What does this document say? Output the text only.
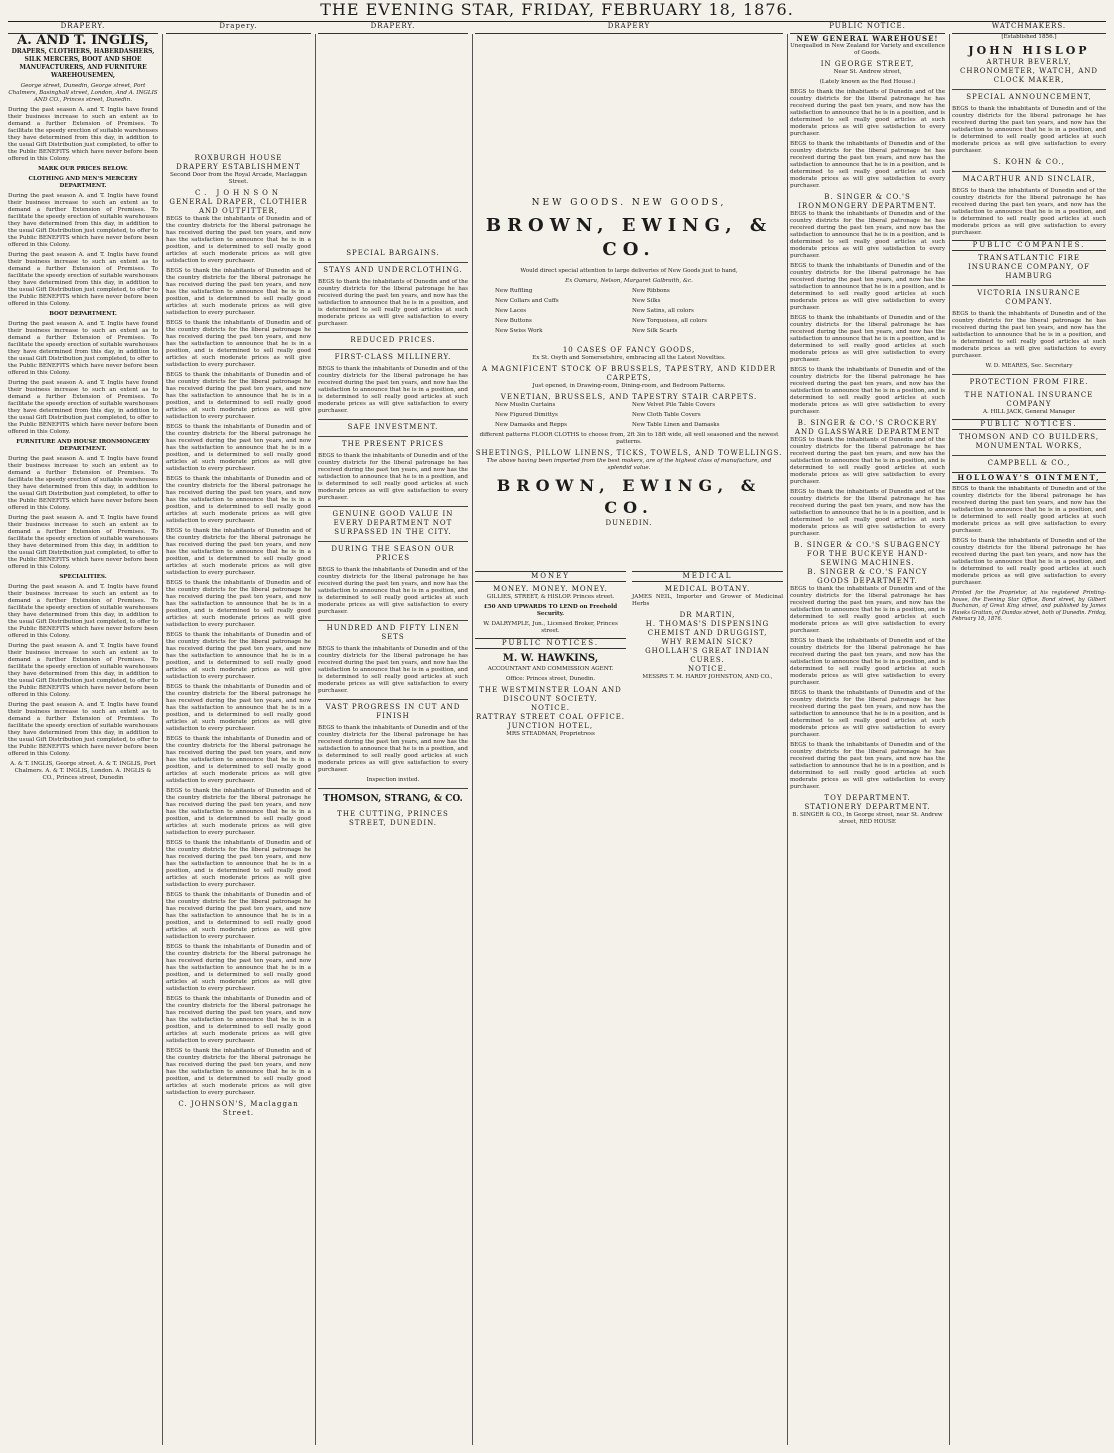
THE EVENING STAR, FRIDAY, FEBRUARY 18, 1876.
DRAPERY.	Drapery.	DRAPERY.	DRAPERY	PUBLIC NOTICE.	WATCHMAKERS.
A. AND T. INGLIS,

DRAPERS, CLOTHIERS, HABERDASHERS, SILK MERCERS, BOOT AND SHOE MANUFACTURERS, AND FURNITURE WAREHOUSEMEN,

George street, Dunedin, George street, Port Chalmers, Basinghall street, London, And A. INGLIS AND CO., Princes street, Dunedin.

During the past season A. and T. Inglis have found their business increase to such an extent as to demand a further Extension of Premises. To facilitate the speedy erection of suitable warehouses they have determined from this day, in addition to the usual Gift Distribution just completed, to offer to the Public BENEFITS which have never before been offered in this Colony.

MARK OUR PRICES BELOW.

CLOTHING AND MEN'S MERCERY DEPARTMENT.

During the past season A. and T. Inglis have found their business increase to such an extent as to demand a further Extension of Premises. To facilitate the speedy erection of suitable warehouses they have determined from this day, in addition to the usual Gift Distribution just completed, to offer to the Public BENEFITS which have never before been offered in this Colony.

During the past season A. and T. Inglis have found their business increase to such an extent as to demand a further Extension of Premises. To facilitate the speedy erection of suitable warehouses they have determined from this day, in addition to the usual Gift Distribution just completed, to offer to the Public BENEFITS which have never before been offered in this Colony.

BOOT DEPARTMENT.

During the past season A. and T. Inglis have found their business increase to such an extent as to demand a further Extension of Premises. To facilitate the speedy erection of suitable warehouses they have determined from this day, in addition to the usual Gift Distribution just completed, to offer to the Public BENEFITS which have never before been offered in this Colony.

During the past season A. and T. Inglis have found their business increase to such an extent as to demand a further Extension of Premises. To facilitate the speedy erection of suitable warehouses they have determined from this day, in addition to the usual Gift Distribution just completed, to offer to the Public BENEFITS which have never before been offered in this Colony.

FURNITURE AND HOUSE IRONMONGERY DEPARTMENT.

During the past season A. and T. Inglis have found their business increase to such an extent as to demand a further Extension of Premises. To facilitate the speedy erection of suitable warehouses they have determined from this day, in addition to the usual Gift Distribution just completed, to offer to the Public BENEFITS which have never before been offered in this Colony.

During the past season A. and T. Inglis have found their business increase to such an extent as to demand a further Extension of Premises. To facilitate the speedy erection of suitable warehouses they have determined from this day, in addition to the usual Gift Distribution just completed, to offer to the Public BENEFITS which have never before been offered in this Colony.

SPECIALITIES.

During the past season A. and T. Inglis have found their business increase to such an extent as to demand a further Extension of Premises. To facilitate the speedy erection of suitable warehouses they have determined from this day, in addition to the usual Gift Distribution just completed, to offer to the Public BENEFITS which have never before been offered in this Colony.

During the past season A. and T. Inglis have found their business increase to such an extent as to demand a further Extension of Premises. To facilitate the speedy erection of suitable warehouses they have determined from this day, in addition to the usual Gift Distribution just completed, to offer to the Public BENEFITS which have never before been offered in this Colony.

During the past season A. and T. Inglis have found their business increase to such an extent as to demand a further Extension of Premises. To facilitate the speedy erection of suitable warehouses they have determined from this day, in addition to the usual Gift Distribution just completed, to offer to the Public BENEFITS which have never before been offered in this Colony.

A. & T. INGLIS, George street. A. & T. INGLIS, Port Chalmers. A. & T. INGLIS, London. A. INGLIS & CO., Princes street, Dunedin

ROXBURGH HOUSE
DRAPERY ESTABLISHMENT

Second Door from the Royal Arcade, Maclaggan Street.

C. JOHNSON
GENERAL DRAPER, CLOTHIER AND OUTFITTER,

BEGS to thank the inhabitants of Dunedin and of the country districts for the liberal patronage he has received during the past ten years, and now has the satisfaction to announce that he is in a position, and is determined to sell really good articles at such moderate prices as will give satisfaction to every purchaser.

BEGS to thank the inhabitants of Dunedin and of the country districts for the liberal patronage he has received during the past ten years, and now has the satisfaction to announce that he is in a position, and is determined to sell really good articles at such moderate prices as will give satisfaction to every purchaser.

BEGS to thank the inhabitants of Dunedin and of the country districts for the liberal patronage he has received during the past ten years, and now has the satisfaction to announce that he is in a position, and is determined to sell really good articles at such moderate prices as will give satisfaction to every purchaser.

BEGS to thank the inhabitants of Dunedin and of the country districts for the liberal patronage he has received during the past ten years, and now has the satisfaction to announce that he is in a position, and is determined to sell really good articles at such moderate prices as will give satisfaction to every purchaser.

BEGS to thank the inhabitants of Dunedin and of the country districts for the liberal patronage he has received during the past ten years, and now has the satisfaction to announce that he is in a position, and is determined to sell really good articles at such moderate prices as will give satisfaction to every purchaser.

BEGS to thank the inhabitants of Dunedin and of the country districts for the liberal patronage he has received during the past ten years, and now has the satisfaction to announce that he is in a position, and is determined to sell really good articles at such moderate prices as will give satisfaction to every purchaser.

BEGS to thank the inhabitants of Dunedin and of the country districts for the liberal patronage he has received during the past ten years, and now has the satisfaction to announce that he is in a position, and is determined to sell really good articles at such moderate prices as will give satisfaction to every purchaser.

BEGS to thank the inhabitants of Dunedin and of the country districts for the liberal patronage he has received during the past ten years, and now has the satisfaction to announce that he is in a position, and is determined to sell really good articles at such moderate prices as will give satisfaction to every purchaser.

BEGS to thank the inhabitants of Dunedin and of the country districts for the liberal patronage he has received during the past ten years, and now has the satisfaction to announce that he is in a position, and is determined to sell really good articles at such moderate prices as will give satisfaction to every purchaser.

BEGS to thank the inhabitants of Dunedin and of the country districts for the liberal patronage he has received during the past ten years, and now has the satisfaction to announce that he is in a position, and is determined to sell really good articles at such moderate prices as will give satisfaction to every purchaser.

BEGS to thank the inhabitants of Dunedin and of the country districts for the liberal patronage he has received during the past ten years, and now has the satisfaction to announce that he is in a position, and is determined to sell really good articles at such moderate prices as will give satisfaction to every purchaser.

BEGS to thank the inhabitants of Dunedin and of the country districts for the liberal patronage he has received during the past ten years, and now has the satisfaction to announce that he is in a position, and is determined to sell really good articles at such moderate prices as will give satisfaction to every purchaser.

BEGS to thank the inhabitants of Dunedin and of the country districts for the liberal patronage he has received during the past ten years, and now has the satisfaction to announce that he is in a position, and is determined to sell really good articles at such moderate prices as will give satisfaction to every purchaser.

BEGS to thank the inhabitants of Dunedin and of the country districts for the liberal patronage he has received during the past ten years, and now has the satisfaction to announce that he is in a position, and is determined to sell really good articles at such moderate prices as will give satisfaction to every purchaser.

BEGS to thank the inhabitants of Dunedin and of the country districts for the liberal patronage he has received during the past ten years, and now has the satisfaction to announce that he is in a position, and is determined to sell really good articles at such moderate prices as will give satisfaction to every purchaser.

BEGS to thank the inhabitants of Dunedin and of the country districts for the liberal patronage he has received during the past ten years, and now has the satisfaction to announce that he is in a position, and is determined to sell really good articles at such moderate prices as will give satisfaction to every purchaser.

BEGS to thank the inhabitants of Dunedin and of the country districts for the liberal patronage he has received during the past ten years, and now has the satisfaction to announce that he is in a position, and is determined to sell really good articles at such moderate prices as will give satisfaction to every purchaser.

C. JOHNSON'S, Maclaggan Street.

SPECIAL BARGAINS.
STAYS AND UNDERCLOTHING.

BEGS to thank the inhabitants of Dunedin and of the country districts for the liberal patronage he has received during the past ten years, and now has the satisfaction to announce that he is in a position, and is determined to sell really good articles at such moderate prices as will give satisfaction to every purchaser.

REDUCED PRICES.
FIRST-CLASS MILLINERY.

BEGS to thank the inhabitants of Dunedin and of the country districts for the liberal patronage he has received during the past ten years, and now has the satisfaction to announce that he is in a position, and is determined to sell really good articles at such moderate prices as will give satisfaction to every purchaser.

SAFE INVESTMENT.
THE PRESENT PRICES

BEGS to thank the inhabitants of Dunedin and of the country districts for the liberal patronage he has received during the past ten years, and now has the satisfaction to announce that he is in a position, and is determined to sell really good articles at such moderate prices as will give satisfaction to every purchaser.

GENUINE GOOD VALUE IN EVERY DEPARTMENT NOT SURPASSED IN THE CITY.
DURING THE SEASON OUR PRICES

BEGS to thank the inhabitants of Dunedin and of the country districts for the liberal patronage he has received during the past ten years, and now has the satisfaction to announce that he is in a position, and is determined to sell really good articles at such moderate prices as will give satisfaction to every purchaser.

HUNDRED AND FIFTY LINEN SETS

BEGS to thank the inhabitants of Dunedin and of the country districts for the liberal patronage he has received during the past ten years, and now has the satisfaction to announce that he is in a position, and is determined to sell really good articles at such moderate prices as will give satisfaction to every purchaser.

VAST PROGRESS IN CUT AND FINISH

BEGS to thank the inhabitants of Dunedin and of the country districts for the liberal patronage he has received during the past ten years, and now has the satisfaction to announce that he is in a position, and is determined to sell really good articles at such moderate prices as will give satisfaction to every purchaser.

Inspection invited.

THOMSON, STRANG, & CO.
THE CUTTING, PRINCES STREET, DUNEDIN.
NEW GOODS. NEW GOODS,
BROWN, EWING, & CO.

Would direct special attention to large deliveries of New Goods just to hand,

Ex Oamaru, Nelson, Margaret Galbraith, &c.

New Ruffling

New Collars and Cuffs

New Laces

New Buttons

New Swiss Work

New Ribbons

New Silks

New Satins, all colors

New Torquoises, all colors

New Silk Scarfs

10 CASES OF FANCY GOODS,

Ex St. Osyth and Somersetshire, embracing all the Latest Novelties.

A MAGNIFICENT STOCK OF BRUSSELS, TAPESTRY, AND KIDDER CARPETS,

Just opened, in Drawing-room, Dining-room, and Bedroom Patterns.

VENETIAN, BRUSSELS, AND TAPESTRY STAIR CARPETS.

New Muslin Curtains

New Figured Dimittys

New Damasks and Repps

New Velvet Pile Table Covers

New Cloth Table Covers

New Table Linen and Damasks

different patterns FLOOR CLOTHS to choose from, 2ft 3in to 18ft wide, all well seasoned and the newest patterns.

SHEETINGS, PILLOW LINENS, TICKS, TOWELS, AND TOWELLINGS.

The above having been imported from the best makers, are of the highest class of manufacture, and splendid value.

BROWN, EWING, & CO.
DUNEDIN.
MONEY
MONEY. MONEY. MONEY.

GILLIES, STREET, & HISLOP. Princes street.

£50 AND UPWARDS TO LEND on Freehold Security.

W. DALRYMPLE, Jun., Licensed Broker, Princes street.

PUBLIC NOTICES.
M. W. HAWKINS,

ACCOUNTANT AND COMMISSION AGENT.

Office: Princes street, Dunedin.

THE WESTMINSTER LOAN AND DISCOUNT SOCIETY.
NOTICE.
RATTRAY STREET COAL OFFICE.
JUNCTION HOTEL,

MRS STEADMAN, Proprietress

MEDICAL
MEDICAL BOTANY.

JAMES NEIL, Importer and Grower of Medicinal Herbs

DR MARTIN,
H. THOMAS'S DISPENSING CHEMIST AND DRUGGIST,
WHY REMAIN SICK?
GHOLLAH'S GREAT INDIAN CURES.
NOTICE.

MESSRS T. M. HARDY JOHNSTON, AND CO.,

NEW GENERAL WAREHOUSE!

Unequalled in New Zealand for Variety and excellence of Goods.

IN GEORGE STREET,

Near St. Andrew street,

(Lately known as the Red House.)

BEGS to thank the inhabitants of Dunedin and of the country districts for the liberal patronage he has received during the past ten years, and now has the satisfaction to announce that he is in a position, and is determined to sell really good articles at such moderate prices as will give satisfaction to every purchaser.

BEGS to thank the inhabitants of Dunedin and of the country districts for the liberal patronage he has received during the past ten years, and now has the satisfaction to announce that he is in a position, and is determined to sell really good articles at such moderate prices as will give satisfaction to every purchaser.

B. SINGER & CO.'S IRONMONGERY DEPARTMENT.

BEGS to thank the inhabitants of Dunedin and of the country districts for the liberal patronage he has received during the past ten years, and now has the satisfaction to announce that he is in a position, and is determined to sell really good articles at such moderate prices as will give satisfaction to every purchaser.

BEGS to thank the inhabitants of Dunedin and of the country districts for the liberal patronage he has received during the past ten years, and now has the satisfaction to announce that he is in a position, and is determined to sell really good articles at such moderate prices as will give satisfaction to every purchaser.

BEGS to thank the inhabitants of Dunedin and of the country districts for the liberal patronage he has received during the past ten years, and now has the satisfaction to announce that he is in a position, and is determined to sell really good articles at such moderate prices as will give satisfaction to every purchaser.

BEGS to thank the inhabitants of Dunedin and of the country districts for the liberal patronage he has received during the past ten years, and now has the satisfaction to announce that he is in a position, and is determined to sell really good articles at such moderate prices as will give satisfaction to every purchaser.

B. SINGER & CO.'S CROCKERY AND GLASSWARE DEPARTMENT

BEGS to thank the inhabitants of Dunedin and of the country districts for the liberal patronage he has received during the past ten years, and now has the satisfaction to announce that he is in a position, and is determined to sell really good articles at such moderate prices as will give satisfaction to every purchaser.

BEGS to thank the inhabitants of Dunedin and of the country districts for the liberal patronage he has received during the past ten years, and now has the satisfaction to announce that he is in a position, and is determined to sell really good articles at such moderate prices as will give satisfaction to every purchaser.

B. SINGER & CO.'S SUBAGENCY FOR THE BUCKEYE HAND-SEWING MACHINES.
B. SINGER & CO.'S FANCY GOODS DEPARTMENT.

BEGS to thank the inhabitants of Dunedin and of the country districts for the liberal patronage he has received during the past ten years, and now has the satisfaction to announce that he is in a position, and is determined to sell really good articles at such moderate prices as will give satisfaction to every purchaser.

BEGS to thank the inhabitants of Dunedin and of the country districts for the liberal patronage he has received during the past ten years, and now has the satisfaction to announce that he is in a position, and is determined to sell really good articles at such moderate prices as will give satisfaction to every purchaser.

BEGS to thank the inhabitants of Dunedin and of the country districts for the liberal patronage he has received during the past ten years, and now has the satisfaction to announce that he is in a position, and is determined to sell really good articles at such moderate prices as will give satisfaction to every purchaser.

BEGS to thank the inhabitants of Dunedin and of the country districts for the liberal patronage he has received during the past ten years, and now has the satisfaction to announce that he is in a position, and is determined to sell really good articles at such moderate prices as will give satisfaction to every purchaser.

TOY DEPARTMENT.
STATIONERY DEPARTMENT.

B. SINGER & CO., In George street, near St. Andrew street, RED HOUSE

[Established 1856.]

JOHN HISLOP
ARTHUR BEVERLY,
CHRONOMETER, WATCH, AND CLOCK MAKER,
SPECIAL ANNOUNCEMENT,

BEGS to thank the inhabitants of Dunedin and of the country districts for the liberal patronage he has received during the past ten years, and now has the satisfaction to announce that he is in a position, and is determined to sell really good articles at such moderate prices as will give satisfaction to every purchaser.

S. KOHN & CO.,
MACARTHUR AND SINCLAIR,

BEGS to thank the inhabitants of Dunedin and of the country districts for the liberal patronage he has received during the past ten years, and now has the satisfaction to announce that he is in a position, and is determined to sell really good articles at such moderate prices as will give satisfaction to every purchaser.

PUBLIC COMPANIES.
TRANSATLANTIC FIRE INSURANCE COMPANY, OF HAMBURG
VICTORIA INSURANCE COMPANY.

BEGS to thank the inhabitants of Dunedin and of the country districts for the liberal patronage he has received during the past ten years, and now has the satisfaction to announce that he is in a position, and is determined to sell really good articles at such moderate prices as will give satisfaction to every purchaser.

W. D. MEARES, Sec. Secretary

PROTECTION FROM FIRE.
THE NATIONAL INSURANCE COMPANY

A. HILL JACK, General Manager

PUBLIC NOTICES.
THOMSON AND CO BUILDERS, MONUMENTAL WORKS,
CAMPBELL & CO.,
HOLLOWAY'S OINTMENT,

BEGS to thank the inhabitants of Dunedin and of the country districts for the liberal patronage he has received during the past ten years, and now has the satisfaction to announce that he is in a position, and is determined to sell really good articles at such moderate prices as will give satisfaction to every purchaser.

BEGS to thank the inhabitants of Dunedin and of the country districts for the liberal patronage he has received during the past ten years, and now has the satisfaction to announce that he is in a position, and is determined to sell really good articles at such moderate prices as will give satisfaction to every purchaser.

Printed for the Proprietor, at his registered Printing-house, the Evening Star Office, Bond street, by Gilbert Buchanan, of Great King street, and published by James Hawks Grattan, of Dundas street, both of Dunedin. Friday, February 18, 1876.
